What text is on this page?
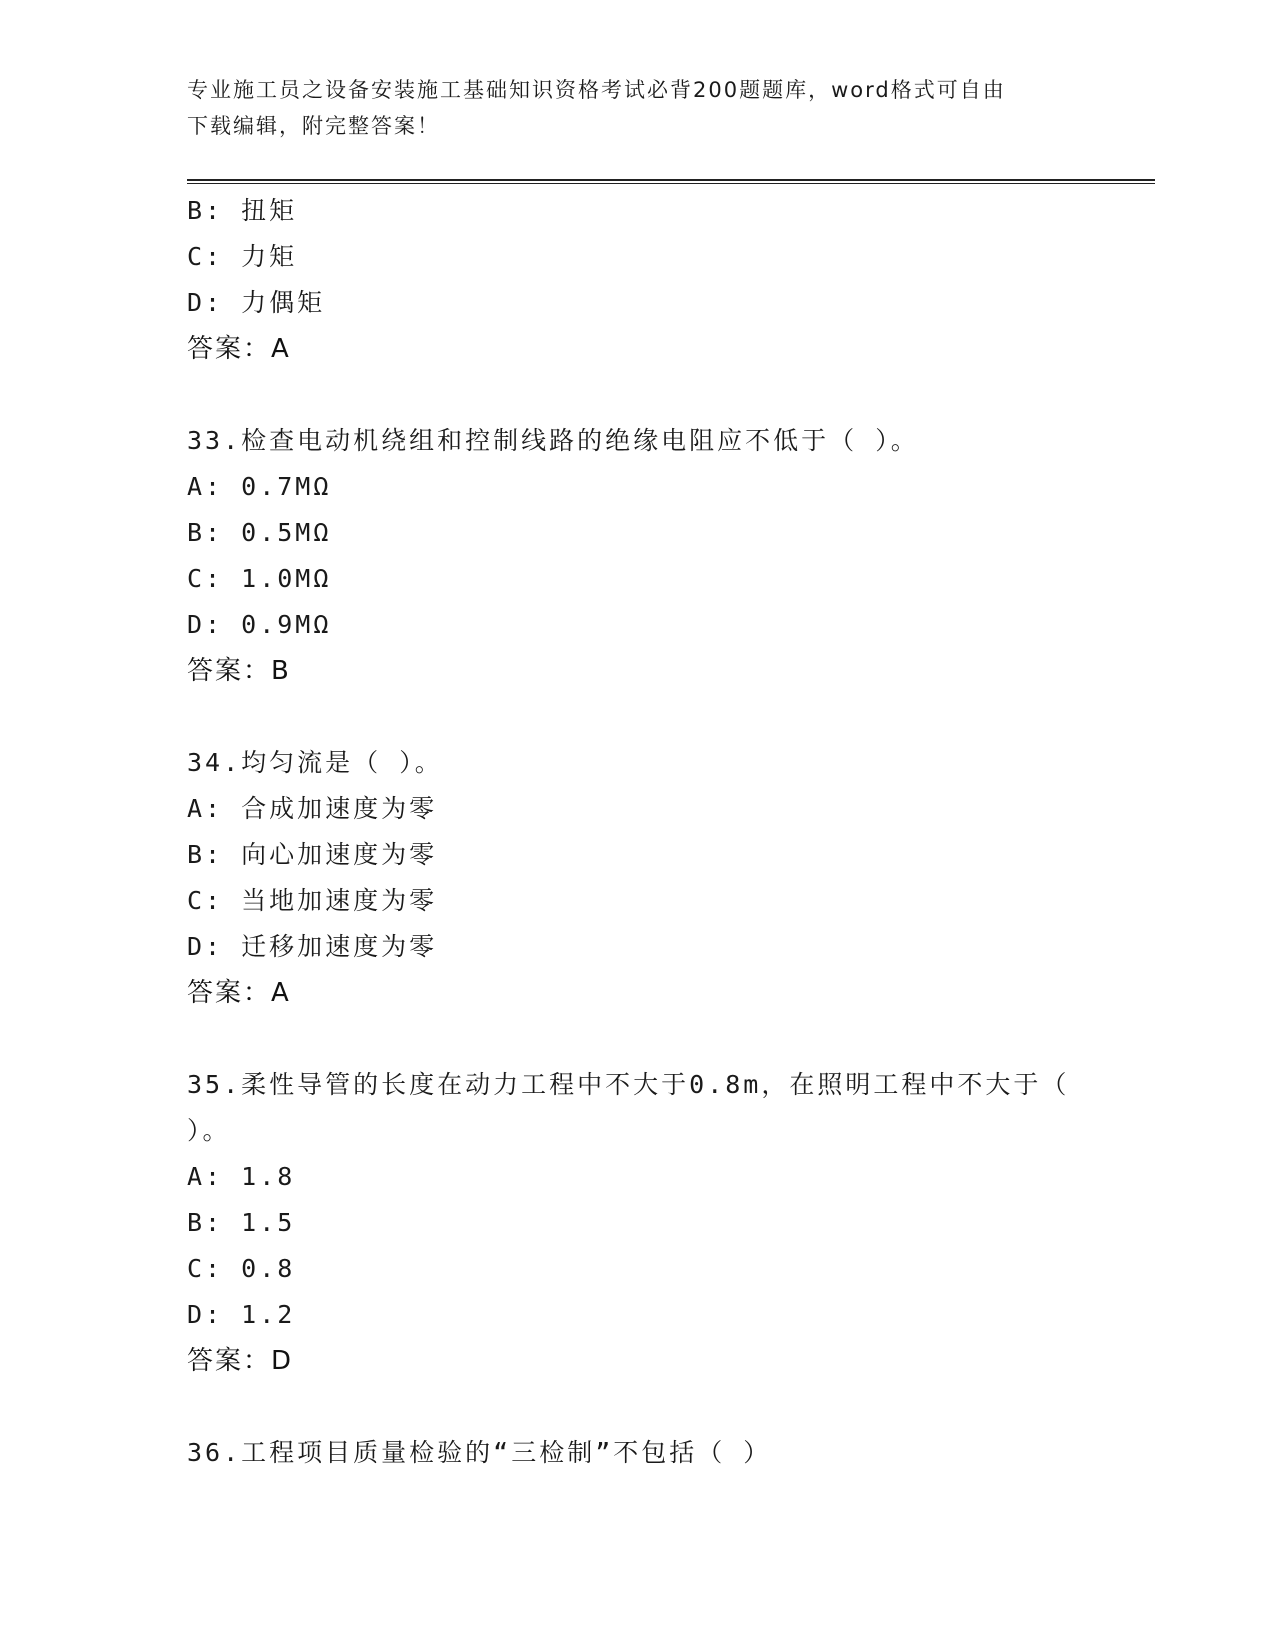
专业施工员之设备安装施工基础知识资格考试必背200题题库，word格式可自由
下载编辑，附完整答案！
B: 扭矩
C: 力矩
D: 力偶矩
答案：A
33.检查电动机绕组和控制线路的绝缘电阻应不低于（ ）。
A: 0.7MΩ
B: 0.5MΩ
C: 1.0MΩ
D: 0.9MΩ
答案：B
34.均匀流是（ ）。
A: 合成加速度为零
B: 向心加速度为零
C: 当地加速度为零
D: 迁移加速度为零
答案：A
35.柔性导管的长度在动力工程中不大于0.8m，在照明工程中不大于（
）。
A: 1.8
B: 1.5
C: 0.8
D: 1.2
答案：D
36.工程项目质量检验的“三检制”不包括（ ）
